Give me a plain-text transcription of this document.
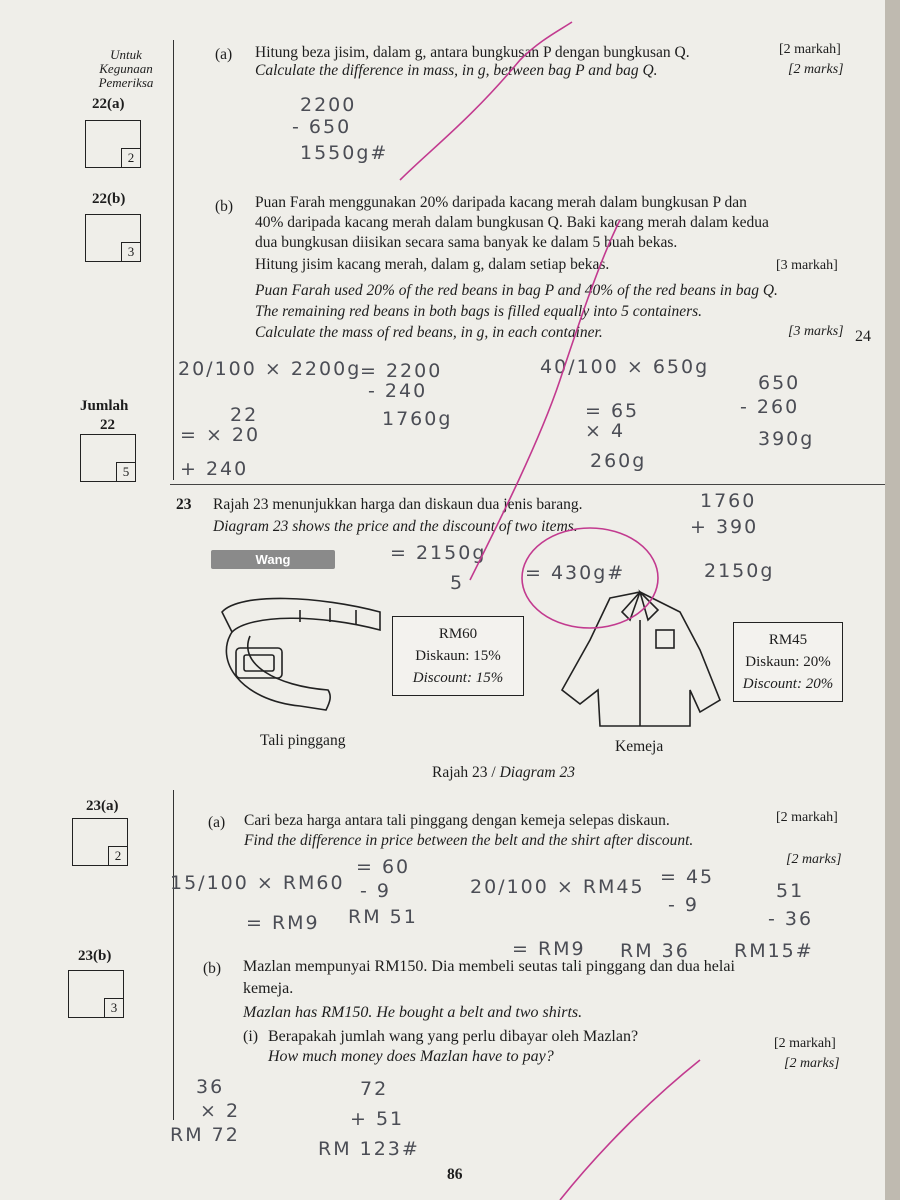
Untuk
Kegunaan
Pemeriksa
22(a)
2
22(b)
3
Jumlah
22
5
23(a)
2
23(b)
3
24
(a) Hitung beza jisim, dalam g, antara bungkusan P dengan bungkusan Q.
Calculate the difference in mass, in g, between bag P and bag Q.
[2 markah]
[2 marks]
2200
- 650
1550g#
(b) Puan Farah menggunakan 20% daripada kacang merah dalam bungkusan P dan
40% daripada kacang merah dalam bungkusan Q. Baki kacang merah dalam kedua
dua bungkusan diisikan secara sama banyak ke dalam 5 buah bekas.
Hitung jisim kacang merah, dalam g, dalam setiap bekas.	[3 markah]
Puan Farah used 20% of the red beans in bag P and 40% of the red beans in bag Q.
The remaining red beans in both bags is filled equally into 5 containers.
Calculate the mass of red beans, in g, in each container.	[3 marks]
20/100 × 2200g
= 2200
- 240
1760g
22
= × 20
+ 240
40/100 × 650g
= 65
× 4
260g
650
- 260
390g
23 Rajah 23 menunjukkan harga dan diskaun dua jenis barang.
Diagram 23 shows the price and the discount of two items.
Wang
1760
+ 390
2150g
= 2150g
5	= 430g#
RM60
Diskaun: 15%
Discount: 15%
Tali pinggang
RM45
Diskaun: 20%
Discount: 20%
Kemeja
Rajah 23 / Diagram 23
(a) Cari beza harga antara tali pinggang dengan kemeja selepas diskaun.
Find the difference in price between the belt and the shirt after discount.
[2 markah]
[2 marks]
15/100 × RM60
= RM9
= 60
- 9
RM 51
20/100 × RM45
= RM9
= 45
- 9
RM 36
51
- 36
RM15#
(b) Mazlan mempunyai RM150. Dia membeli seutas tali pinggang dan dua helai
kemeja.
Mazlan has RM150. He bought a belt and two shirts.
(i) Berapakah jumlah wang yang perlu dibayar oleh Mazlan?
How much money does Mazlan have to pay?
[2 markah]
[2 marks]
36
× 2
RM 72
72
+ 51
RM 123#
86
